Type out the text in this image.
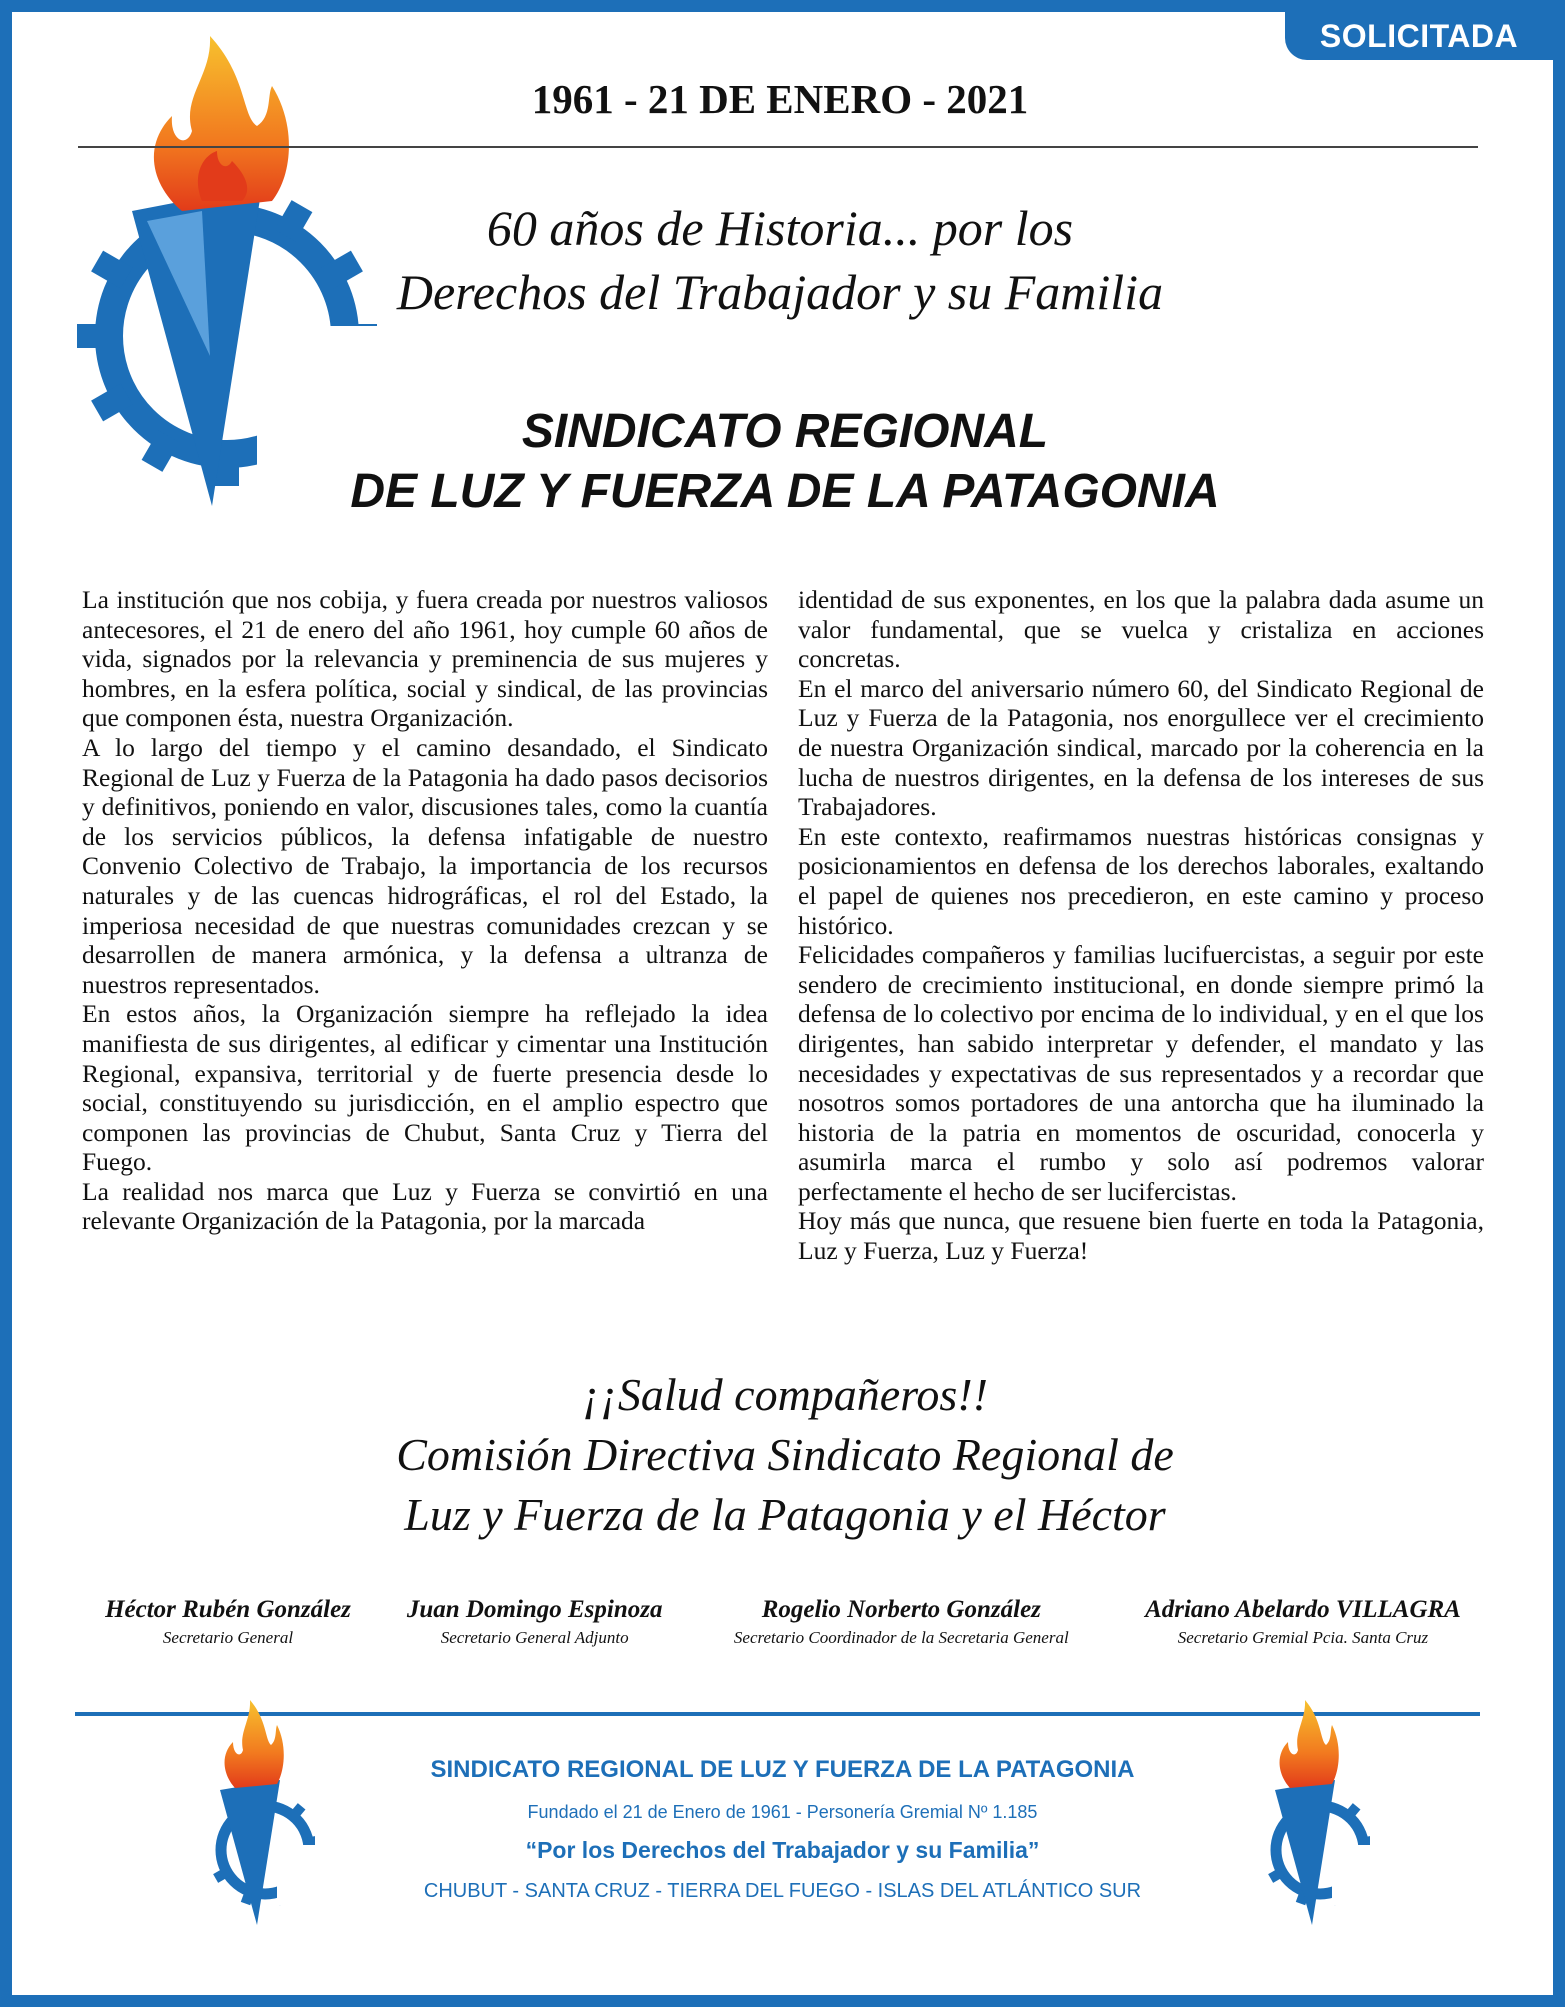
SOLICITADA
1961 - 21 DE ENERO - 2021
60 años de Historia... por los
Derechos del Trabajador y su Familia
SINDICATO REGIONAL
DE LUZ Y FUERZA DE LA PATAGONIA

La institución que nos cobija, y fuera creada por nuestros valiosos antecesores, el 21 de enero del año 1961, hoy cumple 60 años de vida, signados por la relevancia y preminencia de sus mujeres y hombres, en la esfera política, social y sindical, de las provincias que componen ésta, nuestra Organización.

A lo largo del tiempo y el camino desandado, el Sindicato Regional de Luz y Fuerza de la Patagonia ha dado pasos decisorios y definitivos, poniendo en valor, discusiones tales, como la cuantía de los servicios públicos, la defensa infatigable de nuestro Convenio Colectivo de Trabajo, la importancia de los recursos naturales y de las cuencas hidrográficas, el rol del Estado, la imperiosa necesidad de que nuestras comunidades crezcan y se desarrollen de manera armónica, y la defensa a ultranza de nuestros representados.

En estos años, la Organización siempre ha reflejado la idea manifiesta de sus dirigentes, al edificar y cimentar una Institución Regional, expansiva, territorial y de fuerte presencia desde lo social, constituyendo su jurisdicción, en el amplio espectro que componen las provincias de Chubut, Santa Cruz y Tierra del Fuego.

La realidad nos marca que Luz y Fuerza se convirtió en una relevante Organización de la Patagonia, por la marcada

identidad de sus exponentes, en los que la palabra dada asume un valor fundamental, que se vuelca y cristaliza en acciones concretas.

En el marco del aniversario número 60, del Sindicato Regional de Luz y Fuerza de la Patagonia, nos enorgullece ver el crecimiento de nuestra Organización sindical, marcado por la coherencia en la lucha de nuestros dirigentes, en la defensa de los intereses de sus Trabajadores.

En este contexto, reafirmamos nuestras históricas consignas y posicionamientos en defensa de los derechos laborales, exaltando el papel de quienes nos precedieron, en este camino y proceso histórico.

Felicidades compañeros y familias lucifuercistas, a seguir por este sendero de crecimiento institucional, en donde siempre primó la defensa de lo colectivo por encima de lo individual, y en el que los dirigentes, han sabido interpretar y defender, el mandato y las necesidades y expectativas de sus representados y a recordar que nosotros somos portadores de una antorcha que ha iluminado la historia de la patria en momentos de oscuridad, conocerla y asumirla marca el rumbo y solo así podremos valorar perfectamente el hecho de ser lucifercistas.

Hoy más que nunca, que resuene bien fuerte en toda la Patagonia, Luz y Fuerza, Luz y Fuerza!

¡¡Salud compañeros!!
Comisión Directiva Sindicato Regional de
Luz y Fuerza de la Patagonia y el Héctor
Héctor Rubén González
Secretario General
Juan Domingo Espinoza
Secretario General Adjunto
Rogelio Norberto González
Secretario Coordinador de la Secretaria General
Adriano Abelardo VILLAGRA
Secretario Gremial Pcia. Santa Cruz
SINDICATO REGIONAL DE LUZ Y FUERZA DE LA PATAGONIA
Fundado el 21 de Enero de 1961 - Personería Gremial Nº 1.185
“Por los Derechos del Trabajador y su Familia”
CHUBUT - SANTA CRUZ - TIERRA DEL FUEGO - ISLAS DEL ATLÁNTICO SUR
